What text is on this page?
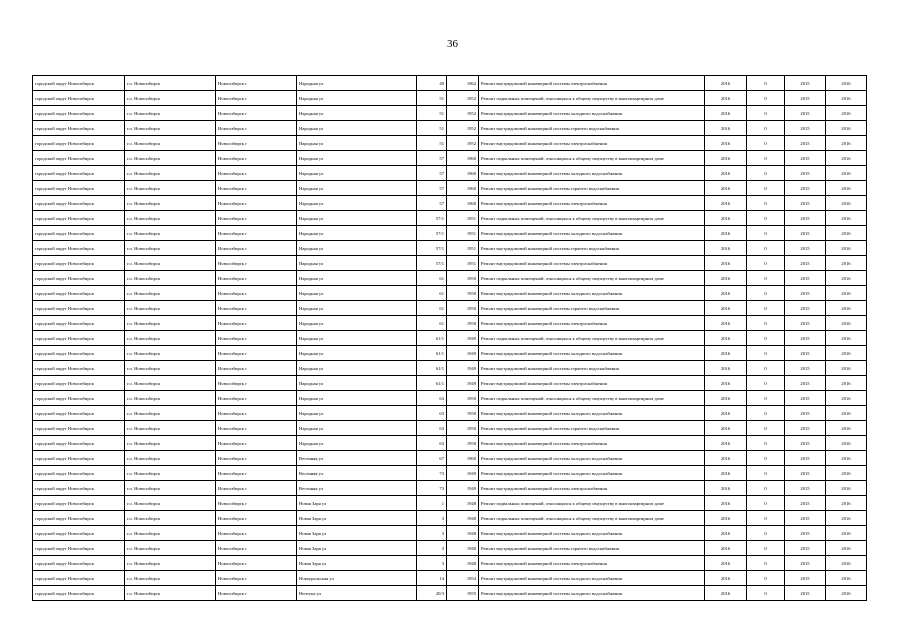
36
городской округ Новосибирск	г.о. Новосибирск	Новосибирск г	Народная ул	49	1962	Ремонт внутридомовой инженерной системы электроснабжения	2016	0	2015	2016
городской округ Новосибирск	г.о. Новосибирск	Новосибирск г	Народная ул	51	1952	Ремонт подвальных помещений, относящихся к общему имуществу в многоквартирном доме	2016	0	2015	2016
городской округ Новосибирск	г.о. Новосибирск	Новосибирск г	Народная ул	51	1952	Ремонт внутридомовой инженерной системы холодного водоснабжения	2016	0	2015	2016
городской округ Новосибирск	г.о. Новосибирск	Новосибирск г	Народная ул	51	1952	Ремонт внутридомовой инженерной системы горячего водоснабжения	2016	0	2015	2016
городской округ Новосибирск	г.о. Новосибирск	Новосибирск г	Народная ул	51	1952	Ремонт внутридомовой инженерной системы электроснабжения	2016	0	2015	2016
городской округ Новосибирск	г.о. Новосибирск	Новосибирск г	Народная ул	57	1960	Ремонт подвальных помещений, относящихся к общему имуществу в многоквартирном доме	2016	0	2015	2016
городской округ Новосибирск	г.о. Новосибирск	Новосибирск г	Народная ул	57	1960	Ремонт внутридомовой инженерной системы холодного водоснабжения	2016	0	2015	2016
городской округ Новосибирск	г.о. Новосибирск	Новосибирск г	Народная ул	57	1960	Ремонт внутридомовой инженерной системы горячего водоснабжения	2016	0	2015	2016
городской округ Новосибирск	г.о. Новосибирск	Новосибирск г	Народная ул	57	1960	Ремонт внутридомовой инженерной системы электроснабжения	2016	0	2015	2016
городской округ Новосибирск	г.о. Новосибирск	Новосибирск г	Народная ул	57/1	1951	Ремонт подвальных помещений, относящихся к общему имуществу в многоквартирном доме	2016	0	2015	2016
городской округ Новосибирск	г.о. Новосибирск	Новосибирск г	Народная ул	57/1	1951	Ремонт внутридомовой инженерной системы холодного водоснабжения	2016	0	2015	2016
городской округ Новосибирск	г.о. Новосибирск	Новосибирск г	Народная ул	57/1	1951	Ремонт внутридомовой инженерной системы горячего водоснабжения	2016	0	2015	2016
городской округ Новосибирск	г.о. Новосибирск	Новосибирск г	Народная ул	57/1	1951	Ремонт внутридомовой инженерной системы электроснабжения	2016	0	2015	2016
городской округ Новосибирск	г.о. Новосибирск	Новосибирск г	Народная ул	61	1950	Ремонт подвальных помещений, относящихся к общему имуществу в многоквартирном доме	2016	0	2015	2016
городской округ Новосибирск	г.о. Новосибирск	Новосибирск г	Народная ул	61	1950	Ремонт внутридомовой инженерной системы холодного водоснабжения	2016	0	2015	2016
городской округ Новосибирск	г.о. Новосибирск	Новосибирск г	Народная ул	61	1950	Ремонт внутридомовой инженерной системы горячего водоснабжения	2016	0	2015	2016
городской округ Новосибирск	г.о. Новосибирск	Новосибирск г	Народная ул	61	1950	Ремонт внутридомовой инженерной системы электроснабжения	2016	0	2015	2016
городской округ Новосибирск	г.о. Новосибирск	Новосибирск г	Народная ул	61/1	1949	Ремонт подвальных помещений, относящихся к общему имуществу в многоквартирном доме	2016	0	2015	2016
городской округ Новосибирск	г.о. Новосибирск	Новосибирск г	Народная ул	61/1	1949	Ремонт внутридомовой инженерной системы холодного водоснабжения	2016	0	2015	2016
городской округ Новосибирск	г.о. Новосибирск	Новосибирск г	Народная ул	61/1	1949	Ремонт внутридомовой инженерной системы горячего водоснабжения	2016	0	2015	2016
городской округ Новосибирск	г.о. Новосибирск	Новосибирск г	Народная ул	61/1	1949	Ремонт внутридомовой инженерной системы электроснабжения	2016	0	2015	2016
городской округ Новосибирск	г.о. Новосибирск	Новосибирск г	Народная ул	63	1950	Ремонт подвальных помещений, относящихся к общему имуществу в многоквартирном доме	2016	0	2015	2016
городской округ Новосибирск	г.о. Новосибирск	Новосибирск г	Народная ул	63	1950	Ремонт внутридомовой инженерной системы холодного водоснабжения	2016	0	2015	2016
городской округ Новосибирск	г.о. Новосибирск	Новосибирск г	Народная ул	63	1950	Ремонт внутридомовой инженерной системы горячего водоснабжения	2016	0	2015	2016
городской округ Новосибирск	г.о. Новосибирск	Новосибирск г	Народная ул	63	1950	Ремонт внутридомовой инженерной системы электроснабжения	2016	0	2015	2016
городской округ Новосибирск	г.о. Новосибирск	Новосибирск г	Весенняя ул	67	1960	Ремонт внутридомовой инженерной системы холодного водоснабжения	2016	0	2015	2016
городской округ Новосибирск	г.о. Новосибирск	Новосибирск г	Весенняя ул	73	1949	Ремонт внутридомовой инженерной системы холодного водоснабжения	2016	0	2015	2016
городской округ Новосибирск	г.о. Новосибирск	Новосибирск г	Весенняя ул	73	1949	Ремонт внутридомовой инженерной системы электроснабжения	2016	0	2015	2016
городской округ Новосибирск	г.о. Новосибирск	Новосибирск г	Новая Заря ул	1	1948	Ремонт подвальных помещений, относящихся к общему имуществу в многоквартирном доме	2016	0	2015	2016
городской округ Новосибирск	г.о. Новосибирск	Новосибирск г	Новая Заря ул	3	1948	Ремонт подвальных помещений, относящихся к общему имуществу в многоквартирном доме	2016	0	2015	2016
городской округ Новосибирск	г.о. Новосибирск	Новосибирск г	Новая Заря ул	3	1948	Ремонт внутридомовой инженерной системы холодного водоснабжения	2016	0	2015	2016
городской округ Новосибирск	г.о. Новосибирск	Новосибирск г	Новая Заря ул	3	1948	Ремонт внутридомовой инженерной системы горячего водоснабжения	2016	0	2015	2016
городской округ Новосибирск	г.о. Новосибирск	Новосибирск г	Новая Заря ул	3	1948	Ремонт внутридомовой инженерной системы электроснабжения	2016	0	2015	2016
городской округ Новосибирск	г.о. Новосибирск	Новосибирск г	Новоуральская ул	14	1954	Ремонт внутридомовой инженерной системы холодного водоснабжения	2016	0	2015	2016
городской округ Новосибирск	г.о. Новосибирск	Новосибирск г	Нептуна ул	20/3	1955	Ремонт внутридомовой инженерной системы холодного водоснабжения	2016	0	2015	2016
